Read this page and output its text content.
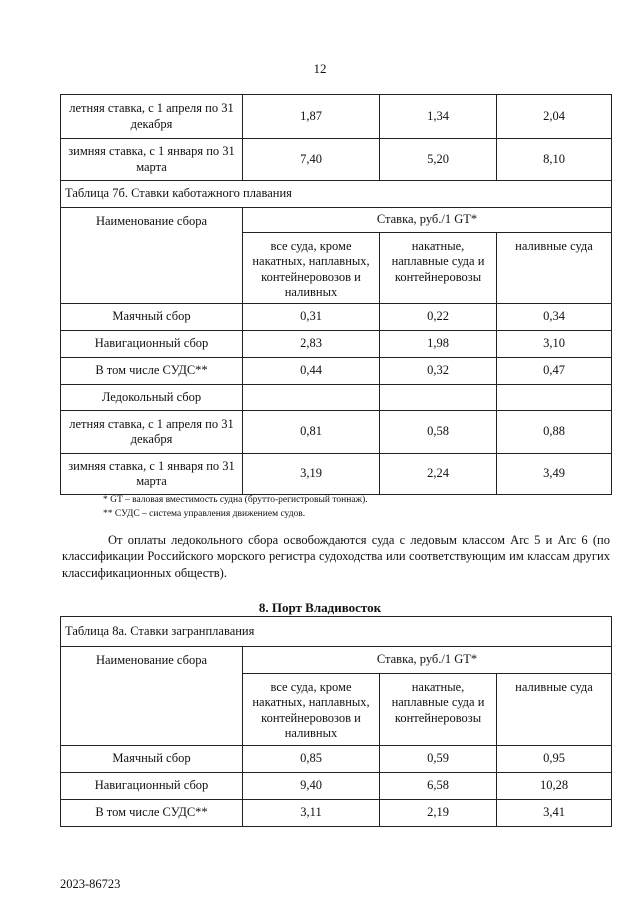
12
летняя ставка, с 1 апреля по 31 декабря	1,87	1,34	2,04
зимняя ставка, с 1 января по 31 марта	7,40	5,20	8,10
Таблица 7б. Ставки каботажного плавания			
Наименование сбора	Ставка, руб./1 GT*		
	все суда, кроме накатных, наплавных, контейнеровозов и наливных	накатные, наплавные суда и контейнеровозы	наливные суда
Маячный сбор	0,31	0,22	0,34
Навигационный сбор	2,83	1,98	3,10
В том числе СУДС**	0,44	0,32	0,47
Ледокольный сбор			
летняя ставка, с 1 апреля по 31 декабря	0,81	0,58	0,88
зимняя ставка, с 1 января по 31 марта	3,19	2,24	3,49
* GT – валовая вместимость судна (брутто-регистровый тоннаж).
** СУДС – система управления движением судов.
От оплаты ледокольного сбора освобождаются суда с ледовым классом Arc 5 и Arc 6 (по классификации Российского морского регистра судоходства или соответствующим им классам других классификационных обществ).
8. Порт Владивосток
Таблица 8а. Ставки загранплавания			
Наименование сбора	Ставка, руб./1 GT*		
	все суда, кроме накатных, наплавных, контейнеровозов и наливных	накатные, наплавные суда и контейнеровозы	наливные суда
Маячный сбор	0,85	0,59	0,95
Навигационный сбор	9,40	6,58	10,28
В том числе СУДС**	3,11	2,19	3,41
2023-86723
